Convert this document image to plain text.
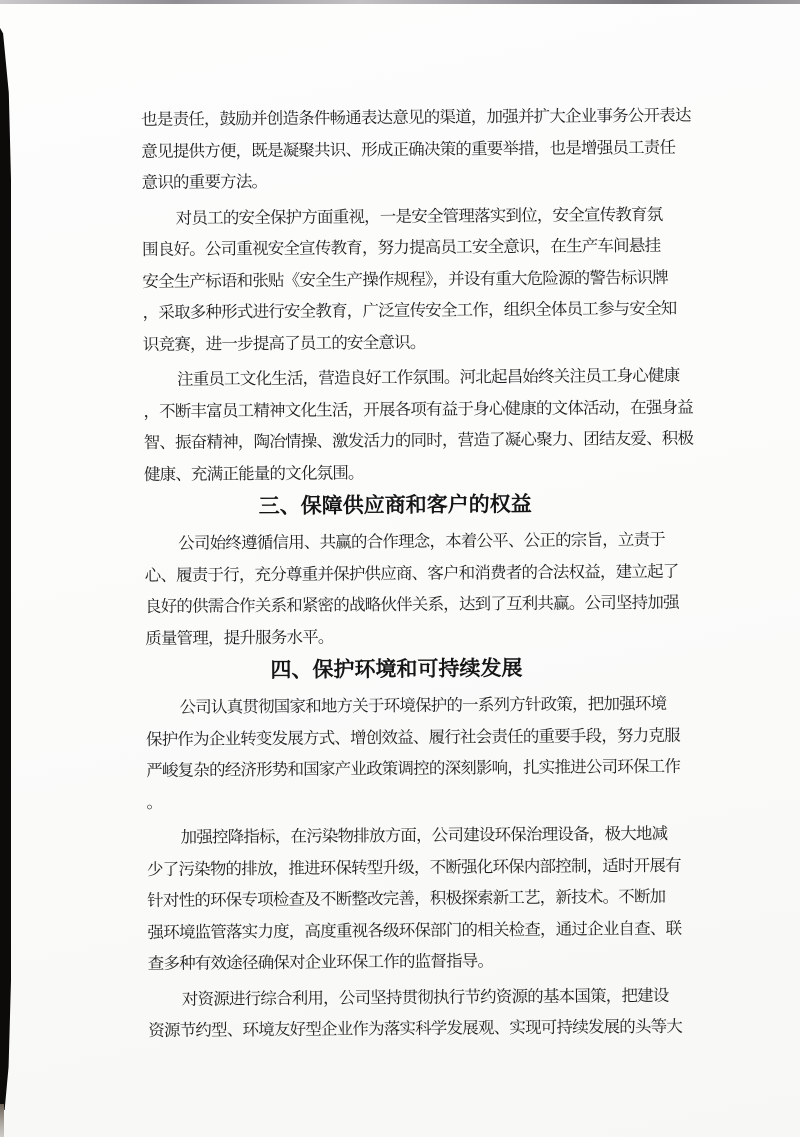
也是责任，鼓励并创造条件畅通表达意见的渠道，加强并扩大企业事务公开表达
意见提供方便，既是凝聚共识、形成正确决策的重要举措，也是增强员工责任
意识的重要方法。
对员工的安全保护方面重视，一是安全管理落实到位，安全宣传教育氛
围良好。公司重视安全宣传教育，努力提高员工安全意识，在生产车间悬挂
安全生产标语和张贴《安全生产操作规程》，并设有重大危险源的警告标识牌
，采取多种形式进行安全教育，广泛宣传安全工作，组织全体员工参与安全知
识竞赛，进一步提高了员工的安全意识。
注重员工文化生活，营造良好工作氛围。河北起昌始终关注员工身心健康
，不断丰富员工精神文化生活，开展各项有益于身心健康的文体活动，在强身益
智、振奋精神，陶冶情操、激发活力的同时，营造了凝心聚力、团结友爱、积极
健康、充满正能量的文化氛围。
三、保障供应商和客户的权益
公司始终遵循信用、共赢的合作理念，本着公平、公正的宗旨，立责于
心、履责于行，充分尊重并保护供应商、客户和消费者的合法权益，建立起了
良好的供需合作关系和紧密的战略伙伴关系，达到了互利共赢。公司坚持加强
质量管理，提升服务水平。
四、保护环境和可持续发展
公司认真贯彻国家和地方关于环境保护的一系列方针政策，把加强环境
保护作为企业转变发展方式、增创效益、履行社会责任的重要手段，努力克服
严峻复杂的经济形势和国家产业政策调控的深刻影响，扎实推进公司环保工作
。
加强控降指标，在污染物排放方面，公司建设环保治理设备，极大地减
少了污染物的排放，推进环保转型升级，不断强化环保内部控制，适时开展有
针对性的环保专项检查及不断整改完善，积极探索新工艺，新技术。不断加
强环境监管落实力度，高度重视各级环保部门的相关检查，通过企业自查、联
查多种有效途径确保对企业环保工作的监督指导。
对资源进行综合利用，公司坚持贯彻执行节约资源的基本国策，把建设
资源节约型、环境友好型企业作为落实科学发展观、实现可持续发展的头等大
